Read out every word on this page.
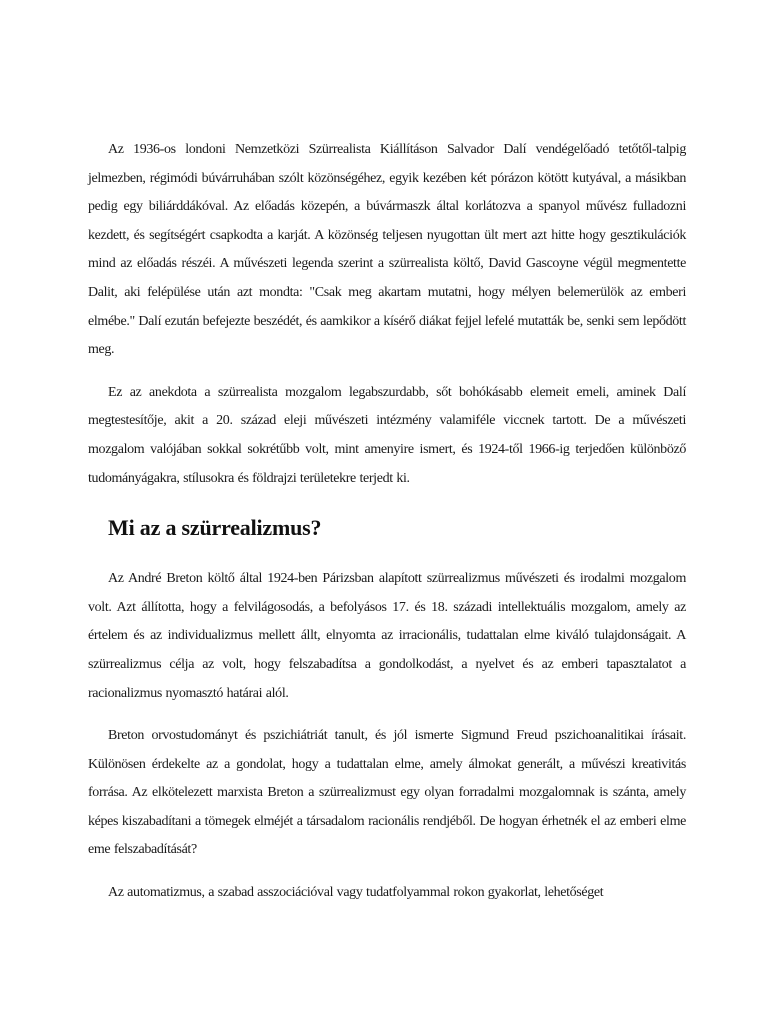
Az 1936-os londoni Nemzetközi Szürrealista Kiállításon Salvador Dalí vendégelőadó tetőtől-talpig jelmezben, régimódi búvárruhában szólt közönségéhez, egyik kezében két pórázon kötött kutyával, a másikban pedig egy biliárddákóval. Az előadás közepén, a búvármaszk által korlátozva a spanyol művész fulladozni kezdett, és segítségért csapkodta a karját. A közönség teljesen nyugottan ült mert azt hitte hogy gesztikulációk mind az előadás részéi. A művészeti legenda szerint a szürrealista költő, David Gascoyne végül megmentette Dalit, aki felépülése után azt mondta: "Csak meg akartam mutatni, hogy mélyen belemerülök az emberi elmébe." Dalí ezután befejezte beszédét, és aamkikor a kísérő diákat fejjel lefelé mutatták be, senki sem lepődött meg.

Ez az anekdota a szürrealista mozgalom legabszurdabb, sőt bohókásabb elemeit emeli, aminek Dalí megtestesítője, akit a 20. század eleji művészeti intézmény valamiféle viccnek tartott. De a művészeti mozgalom valójában sokkal sokrétűbb volt, mint amenyire ismert, és 1924-től 1966-ig terjedően különböző tudományágakra, stílusokra és földrajzi területekre terjedt ki.

Mi az a szürrealizmus?

Az André Breton költő által 1924-ben Párizsban alapított szürrealizmus művészeti és irodalmi mozgalom volt. Azt állította, hogy a felvilágosodás, a befolyásos 17. és 18. századi intellektuális mozgalom, amely az értelem és az individualizmus mellett állt, elnyomta az irracionális, tudattalan elme kiváló tulajdonságait. A szürrealizmus célja az volt, hogy felszabadítsa a gondolkodást, a nyelvet és az emberi tapasztalatot a racionalizmus nyomasztó határai alól.

Breton orvostudományt és pszichiátriát tanult, és jól ismerte Sigmund Freud pszichoanalitikai írásait. Különösen érdekelte az a gondolat, hogy a tudattalan elme, amely álmokat generált, a művészi kreativitás forrása. Az elkötelezett marxista Breton a szürrealizmust egy olyan forradalmi mozgalomnak is szánta, amely képes kiszabadítani a tömegek elméjét a társadalom racionális rendjéből. De hogyan érhetnék el az emberi elme eme felszabadítását?

Az automatizmus, a szabad asszociációval vagy tudatfolyammal rokon gyakorlat, lehetőséget
